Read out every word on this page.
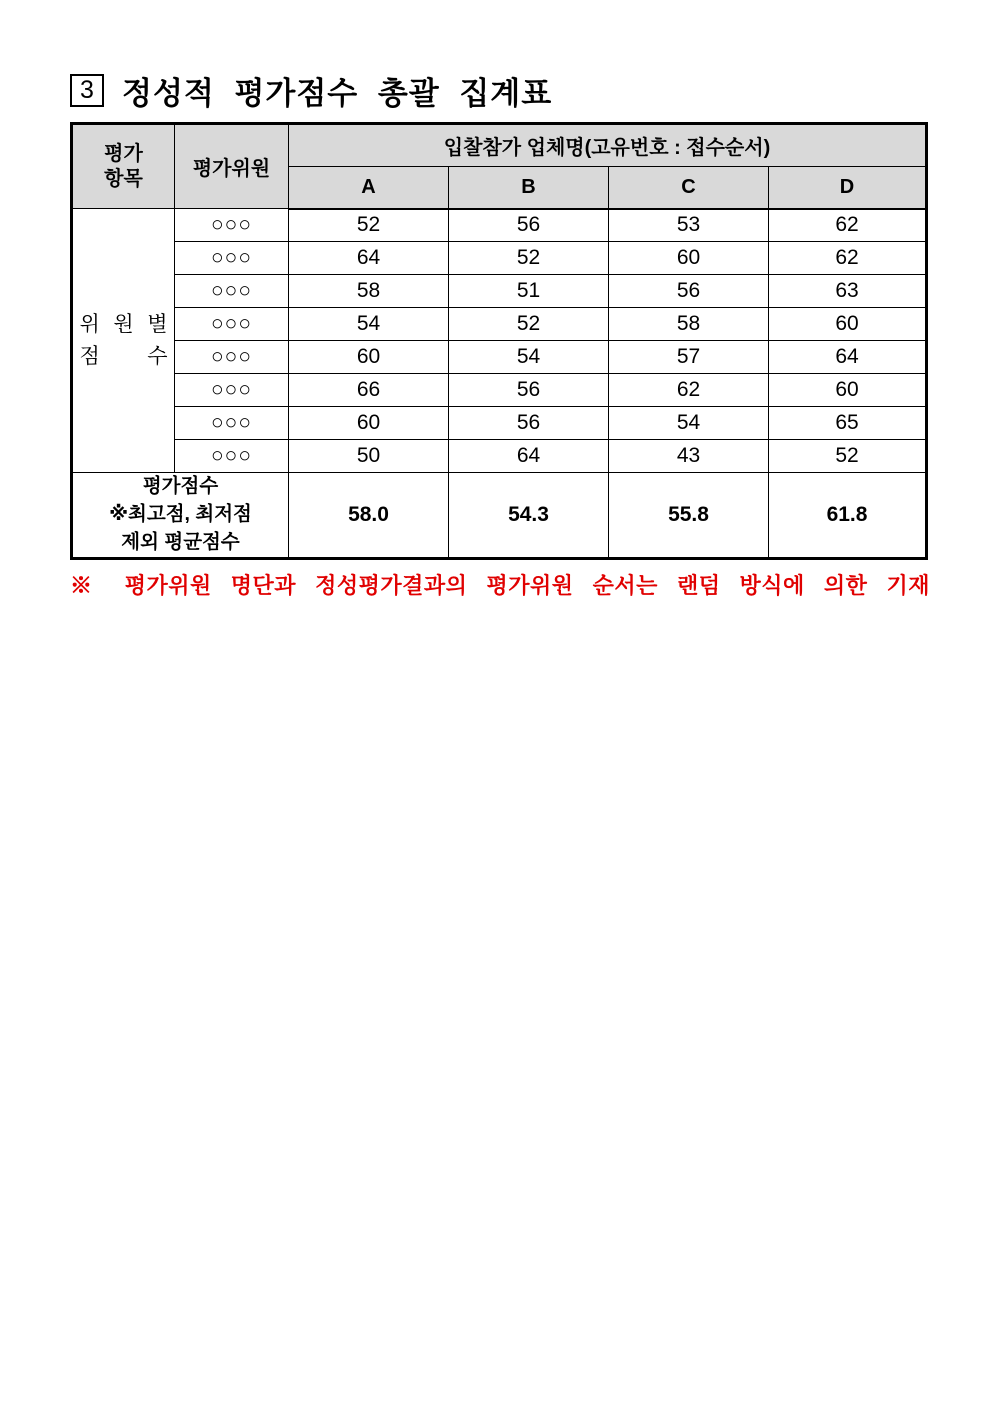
3 정성적 평가점수 총괄 집계표
평가
항목	평가위원	입찰참가 업체명(고유번호 : 접수순서)			
		A	B	C	D

위 원 별
점 수	○○○	52	56	53	62
	○○○	64	52	60	62
	○○○	58	51	56	63
	○○○	54	52	58	60
	○○○	60	54	57	64
	○○○	66	56	62	60
	○○○	60	56	54	65
	○○○	50	64	43	52

평가점수
※최고점, 최저점
제외 평균점수		58.0	54.3	55.8	61.8
※ 평가위원 명단과 정성평가결과의 평가위원 순서는 랜덤 방식에 의한 기재
